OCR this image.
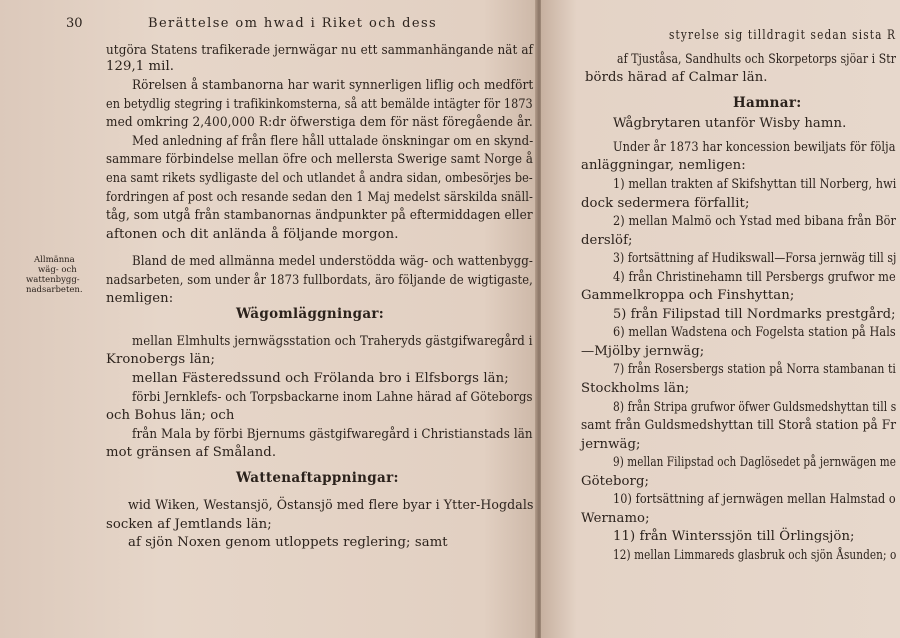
30	Berättelse om hwad i Riket och dess
utgöra Statens trafikerade jernwägar nu ett sammanhängande nät af
129,1 mil.
Rörelsen å stambanorna har warit synnerligen liflig och medfört
en betydlig stegring i trafikinkomsterna, så att bemälde intägter för 1873
med omkring 2,400,000 R:dr öfwerstiga dem för näst föregående år.
Med anledning af från flere håll uttalade önskningar om en skynd-
sammare förbindelse mellan öfre och mellersta Swerige samt Norge å
ena samt rikets sydligaste del och utlandet å andra sidan, ombesörjes be-
fordringen af post och resande sedan den 1 Maj medelst särskilda snäll-
tåg, som utgå från stambanornas ändpunkter på eftermiddagen eller
aftonen och dit anlända å följande morgon.
Allmänna
wäg- och
wattenbygg-
nadsarbeten.
Bland de med allmänna medel understödda wäg- och wattenbygg-
nadsarbeten, som under år 1873 fullbordats, äro följande de wigtigaste,
nemligen:
Wägomläggningar:
mellan Elmhults jernwägsstation och Traheryds gästgifwaregård i
Kronobergs län;
mellan Fästeredssund och Frölanda bro i Elfsborgs län;
förbi Jernklefs- och Torpsbackarne inom Lahne härad af Göteborgs
och Bohus län; och
från Mala by förbi Bjernums gästgifwaregård i Christianstads län
mot gränsen af Småland.
Wattenaftappningar:
wid Wiken, Westansjö, Östansjö med flere byar i Ytter-Hogdals
socken af Jemtlands län;
af sjön Noxen genom utloppets reglering; samt
styrelse sig tilldragit sedan sista R
af Tjuståsa, Sandhults och Skorpetorps sjöar i Str
börds härad af Calmar län.
Hamnar:
Wågbrytaren utanför Wisby hamn.
Under år 1873 har koncession bewiljats för följa
anläggningar, nemligen:
1) mellan trakten af Skifshyttan till Norberg, hwi
dock sedermera förfallit;
2) mellan Malmö och Ystad med bibana från Bör
derslöf;
3) fortsättning af Hudikswall—Forsa jernwäg till sj
4) från Christinehamn till Persbergs grufwor me
Gammelkroppa och Finshyttan;
5) från Filipstad till Nordmarks prestgård;
6) mellan Wadstena och Fogelsta station på Hals
—Mjölby jernwäg;
7) från Rosersbergs station på Norra stambanan ti
Stockholms län;
8) från Stripa grufwor öfwer Guldsmedshyttan till s
samt från Guldsmedshyttan till Storå station på Fr
jernwäg;
9) mellan Filipstad och Daglösedet på jernwägen me
Göteborg;
10) fortsättning af jernwägen mellan Halmstad o
Wernamo;
11) från Winterssjön till Örlingsjön;
12) mellan Limmareds glasbruk och sjön Åsunden; o
